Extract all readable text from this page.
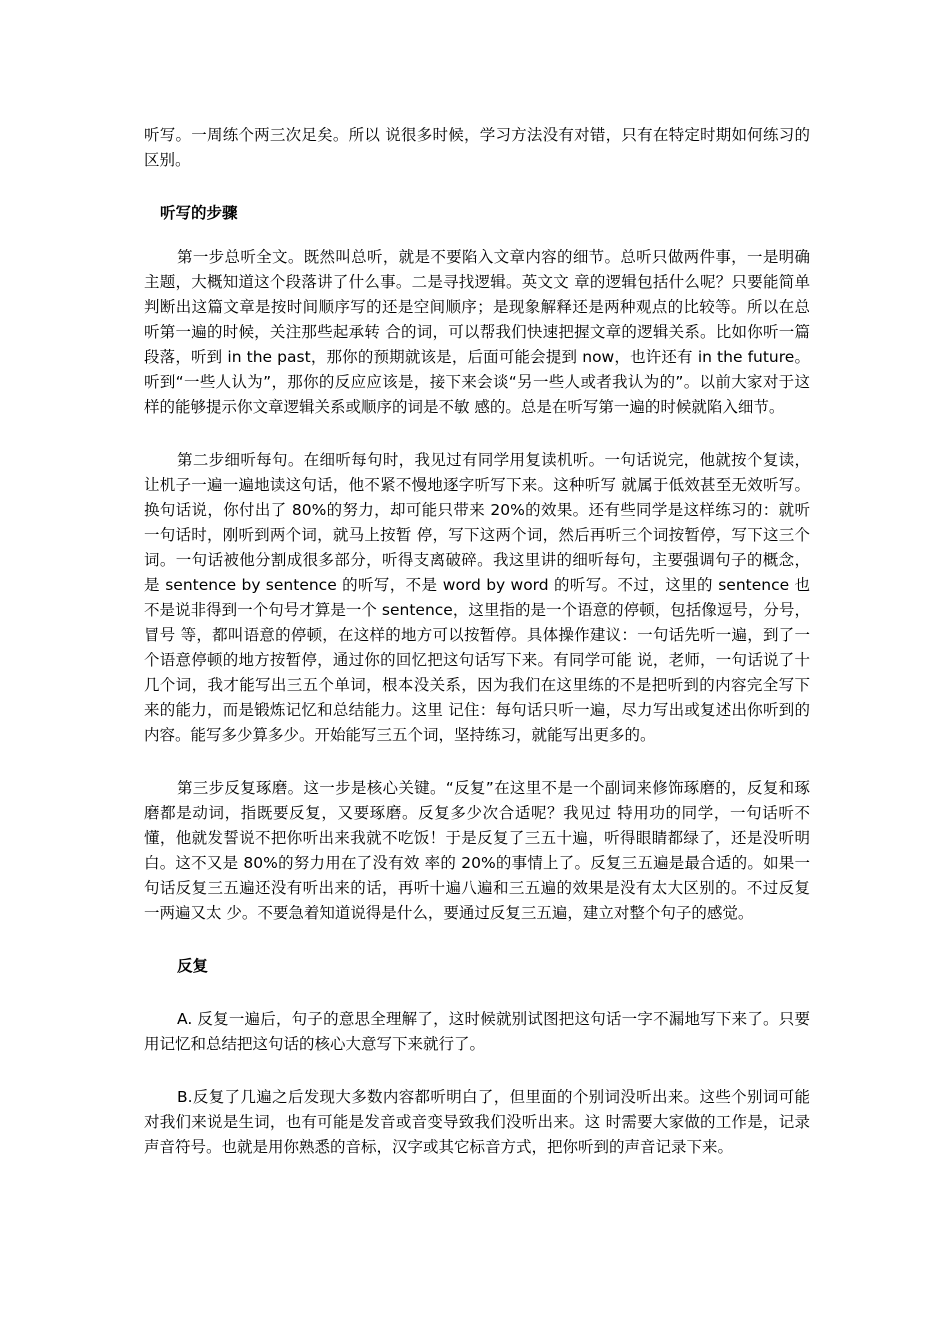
听写。一周练个两三次足矣。所以 说很多时候，学习方法没有对错，只有在特定时期如何练习的区别。

听写的步骤

第一步总听全文。既然叫总听，就是不要陷入文章内容的细节。总听只做两件事，一是明确主题，大概知道这个段落讲了什么事。二是寻找逻辑。英文文 章的逻辑包括什么呢？只要能简单判断出这篇文章是按时间顺序写的还是空间顺序；是现象解释还是两种观点的比较等。所以在总听第一遍的时候，关注那些起承转 合的词，可以帮我们快速把握文章的逻辑关系。比如你听一篇段落，听到 in the past，那你的预期就该是，后面可能会提到 now，也许还有 in the future。听到“一些人认为”，那你的反应应该是，接下来会谈“另一些人或者我认为的”。以前大家对于这样的能够提示你文章逻辑关系或顺序的词是不敏 感的。总是在听写第一遍的时候就陷入细节。

第二步细听每句。在细听每句时，我见过有同学用复读机听。一句话说完，他就按个复读，让机子一遍一遍地读这句话，他不紧不慢地逐字听写下来。这种听写 就属于低效甚至无效听写。换句话说，你付出了 80%的努力，却可能只带来 20%的效果。还有些同学是这样练习的：就听一句话时，刚听到两个词，就马上按暂 停，写下这两个词，然后再听三个词按暂停，写下这三个词。一句话被他分割成很多部分，听得支离破碎。我这里讲的细听每句，主要强调句子的概念，是 sentence by sentence 的听写，不是 word by word 的听写。不过，这里的 sentence 也不是说非得到一个句号才算是一个 sentence，这里指的是一个语意的停顿，包括像逗号，分号，冒号 等，都叫语意的停顿，在这样的地方可以按暂停。具体操作建议：一句话先听一遍，到了一个语意停顿的地方按暂停，通过你的回忆把这句话写下来。有同学可能 说，老师，一句话说了十几个词，我才能写出三五个单词，根本没关系，因为我们在这里练的不是把听到的内容完全写下来的能力，而是锻炼记忆和总结能力。这里 记住：每句话只听一遍，尽力写出或复述出你听到的内容。能写多少算多少。开始能写三五个词，坚持练习，就能写出更多的。

第三步反复琢磨。这一步是核心关键。“反复”在这里不是一个副词来修饰琢磨的，反复和琢磨都是动词，指既要反复，又要琢磨。反复多少次合适呢？我见过 特用功的同学，一句话听不懂，他就发誓说不把你听出来我就不吃饭！于是反复了三五十遍，听得眼睛都绿了，还是没听明白。这不又是 80%的努力用在了没有效 率的 20%的事情上了。反复三五遍是最合适的。如果一句话反复三五遍还没有听出来的话，再听十遍八遍和三五遍的效果是没有太大区别的。不过反复一两遍又太 少。不要急着知道说得是什么，要通过反复三五遍，建立对整个句子的感觉。

反复

A. 反复一遍后，句子的意思全理解了，这时候就别试图把这句话一字不漏地写下来了。只要用记忆和总结把这句话的核心大意写下来就行了。

B.反复了几遍之后发现大多数内容都听明白了，但里面的个别词没听出来。这些个别词可能对我们来说是生词，也有可能是发音或音变导致我们没听出来。这 时需要大家做的工作是，记录声音符号。也就是用你熟悉的音标，汉字或其它标音方式，把你听到的声音记录下来。
